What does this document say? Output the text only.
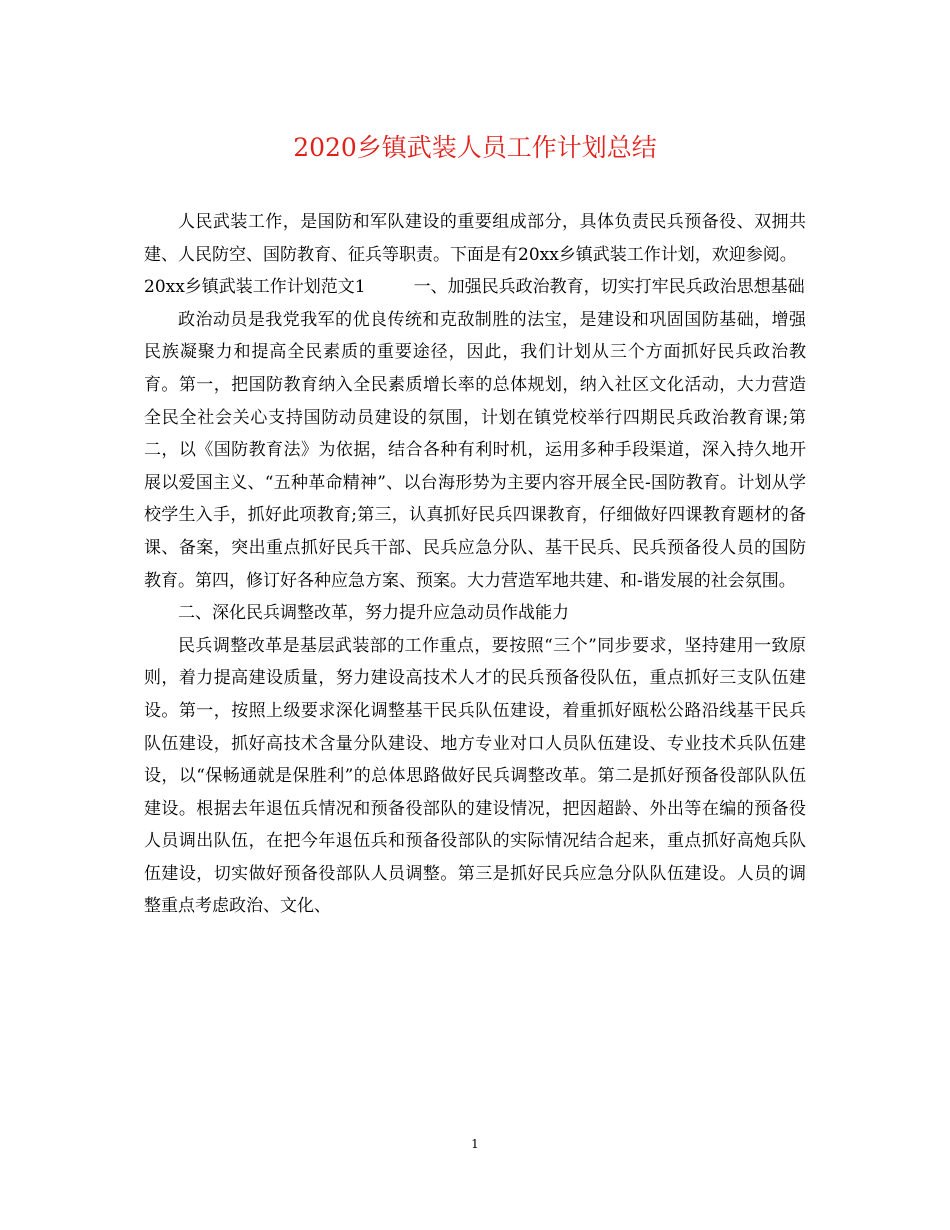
2020乡镇武装人员工作计划总结

人民武装工作，是国防和军队建设的重要组成部分，具体负责民兵预备役、双拥共建、人民防空、国防教育、征兵等职责。下面是有20xx乡镇武装工作计划，欢迎参阅。

20xx乡镇武装工作计划范文1	一、加强民兵政治教育，切实打牢民兵政治思想基础

政治动员是我党我军的优良传统和克敌制胜的法宝，是建设和巩固国防基础，增强民族凝聚力和提高全民素质的重要途径，因此，我们计划从三个方面抓好民兵政治教育。第一，把国防教育纳入全民素质增长率的总体规划，纳入社区文化活动，大力营造全民全社会关心支持国防动员建设的氛围，计划在镇党校举行四期民兵政治教育课;第二，以《国防教育法》为依据，结合各种有利时机，运用多种手段渠道，深入持久地开展以爱国主义、“五种革命精神”、以台海形势为主要内容开展全民-国防教育。计划从学校学生入手，抓好此项教育;第三，认真抓好民兵四课教育，仔细做好四课教育题材的备课、备案，突出重点抓好民兵干部、民兵应急分队、基干民兵、民兵预备役人员的国防教育。第四，修订好各种应急方案、预案。大力营造军地共建、和-谐发展的社会氛围。

二、深化民兵调整改革，努力提升应急动员作战能力

民兵调整改革是基层武装部的工作重点，要按照“三个”同步要求，坚持建用一致原则，着力提高建设质量，努力建设高技术人才的民兵预备役队伍，重点抓好三支队伍建设。第一，按照上级要求深化调整基干民兵队伍建设，着重抓好瓯松公路沿线基干民兵队伍建设，抓好高技术含量分队建设、地方专业对口人员队伍建设、专业技术兵队伍建设，以“保畅通就是保胜利”的总体思路做好民兵调整改革。第二是抓好预备役部队队伍建设。根据去年退伍兵情况和预备役部队的建设情况，把因超龄、外出等在编的预备役人员调出队伍，在把今年退伍兵和预备役部队的实际情况结合起来，重点抓好高炮兵队伍建设，切实做好预备役部队人员调整。第三是抓好民兵应急分队队伍建设。人员的调整重点考虑政治、文化、

1
